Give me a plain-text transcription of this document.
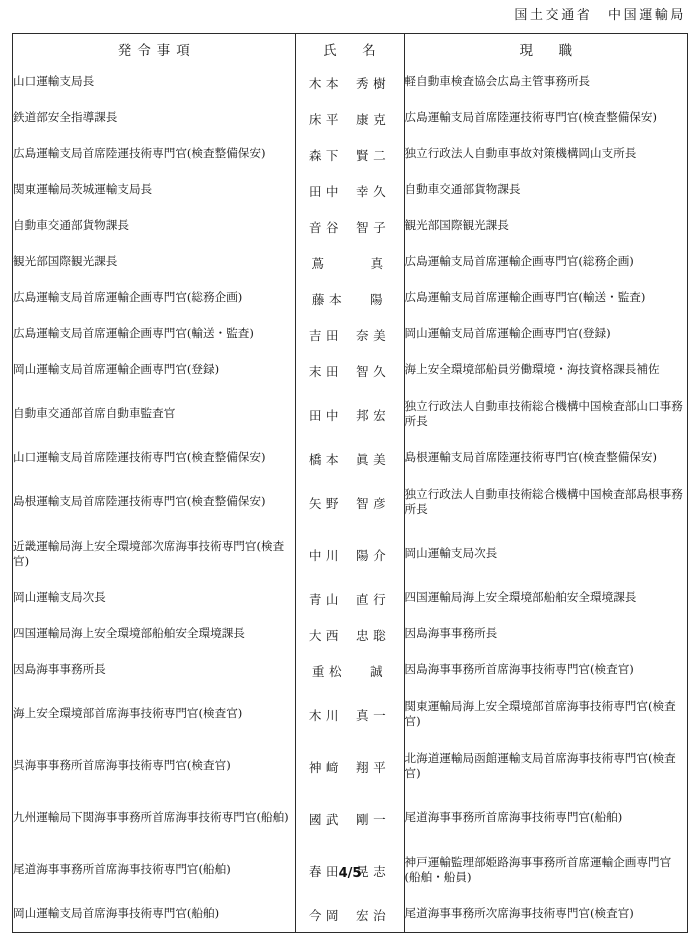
国土交通省　中国運輸局
発令事項	氏　名	現　職
山口運輸支局長	木本 秀樹	軽自動車検査協会広島主管事務所長
鉄道部安全指導課長	床平 康克	広島運輸支局首席陸運技術専門官(検査整備保安)
広島運輸支局首席陸運技術専門官(検査整備保安)	森下 賢二	独立行政法人自動車事故対策機構岡山支所長
関東運輸局茨城運輸支局長	田中 幸久	自動車交通部貨物課長
自動車交通部貨物課長	音谷 智子	観光部国際観光課長
観光部国際観光課長	蔦 真	広島運輸支局首席運輸企画専門官(総務企画)
広島運輸支局首席運輸企画専門官(総務企画)	藤本 陽	広島運輸支局首席運輸企画専門官(輸送・監査)
広島運輸支局首席運輸企画専門官(輸送・監査)	吉田 奈美	岡山運輸支局首席運輸企画専門官(登録)
岡山運輸支局首席運輸企画専門官(登録)	末田 智久	海上安全環境部船員労働環境・海技資格課長補佐
自動車交通部首席自動車監査官	田中 邦宏	独立行政法人自動車技術総合機構中国検査部山口事務所長
山口運輸支局首席陸運技術専門官(検査整備保安)	橋本 眞美	島根運輸支局首席陸運技術専門官(検査整備保安)
島根運輸支局首席陸運技術専門官(検査整備保安)	矢野 智彦	独立行政法人自動車技術総合機構中国検査部島根事務所長
近畿運輸局海上安全環境部次席海事技術専門官(検査官)	中川 陽介	岡山運輸支局次長
岡山運輸支局次長	青山 直行	四国運輸局海上安全環境部船舶安全環境課長
四国運輸局海上安全環境部船舶安全環境課長	大西 忠聡	因島海事事務所長
因島海事事務所長	重松 誠	因島海事事務所首席海事技術専門官(検査官)
海上安全環境部首席海事技術専門官(検査官)	木川 真一	関東運輸局海上安全環境部首席海事技術専門官(検査官)
呉海事事務所首席海事技術専門官(検査官)	神﨑 翔平	北海道運輸局函館運輸支局首席海事技術専門官(検査官)
九州運輸局下関海事事務所首席海事技術専門官(船舶)	國武 剛一	尾道海事事務所首席海事技術専門官(船舶)
尾道海事事務所首席海事技術専門官(船舶)	春田 晃志	神戸運輸監理部姫路海事事務所首席運輸企画専門官(船舶・船員)
岡山運輸支局首席海事技術専門官(船舶)	今岡 宏治	尾道海事事務所次席海事技術専門官(検査官)
4/5
